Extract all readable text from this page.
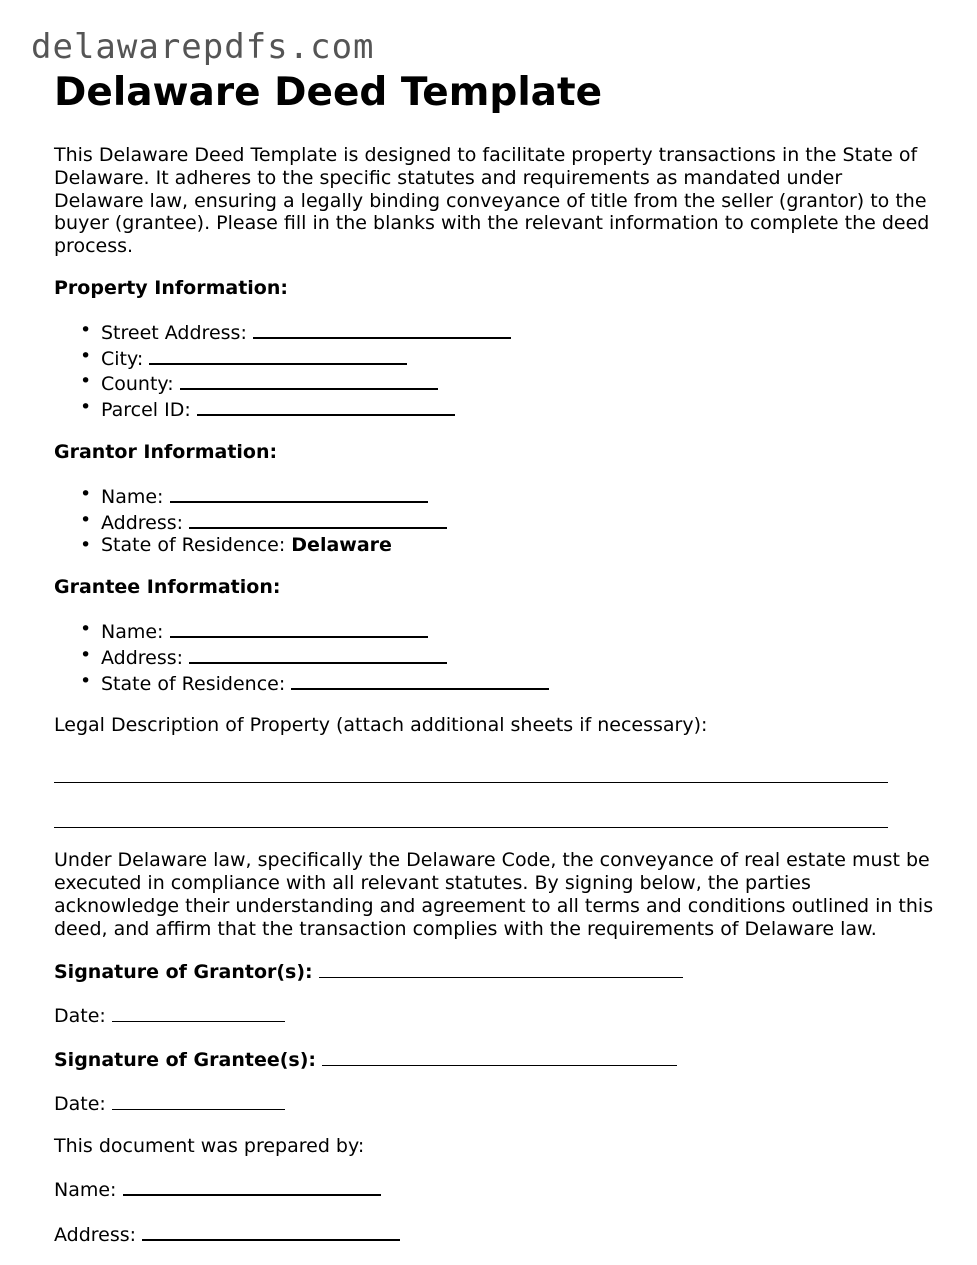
delawarepdfs.com
Delaware Deed Template

This Delaware Deed Template is designed to facilitate property transactions in the State of Delaware. It adheres to the specific statutes and requirements as mandated under Delaware law, ensuring a legally binding conveyance of title from the seller (grantor) to the buyer (grantee). Please fill in the blanks with the relevant information to complete the deed process.

Property Information:

• Street Address:
• City:
• County:
• Parcel ID:

Grantor Information:

• Name:
• Address:
• State of Residence: Delaware

Grantee Information:

• Name:
• Address:
• State of Residence:

Legal Description of Property (attach additional sheets if necessary):

Under Delaware law, specifically the Delaware Code, the conveyance of real estate must be executed in compliance with all relevant statutes. By signing below, the parties acknowledge their understanding and agreement to all terms and conditions outlined in this deed, and affirm that the transaction complies with the requirements of Delaware law.

Signature of Grantor(s):

Date:

Signature of Grantee(s):

Date:

This document was prepared by:

Name:

Address:
